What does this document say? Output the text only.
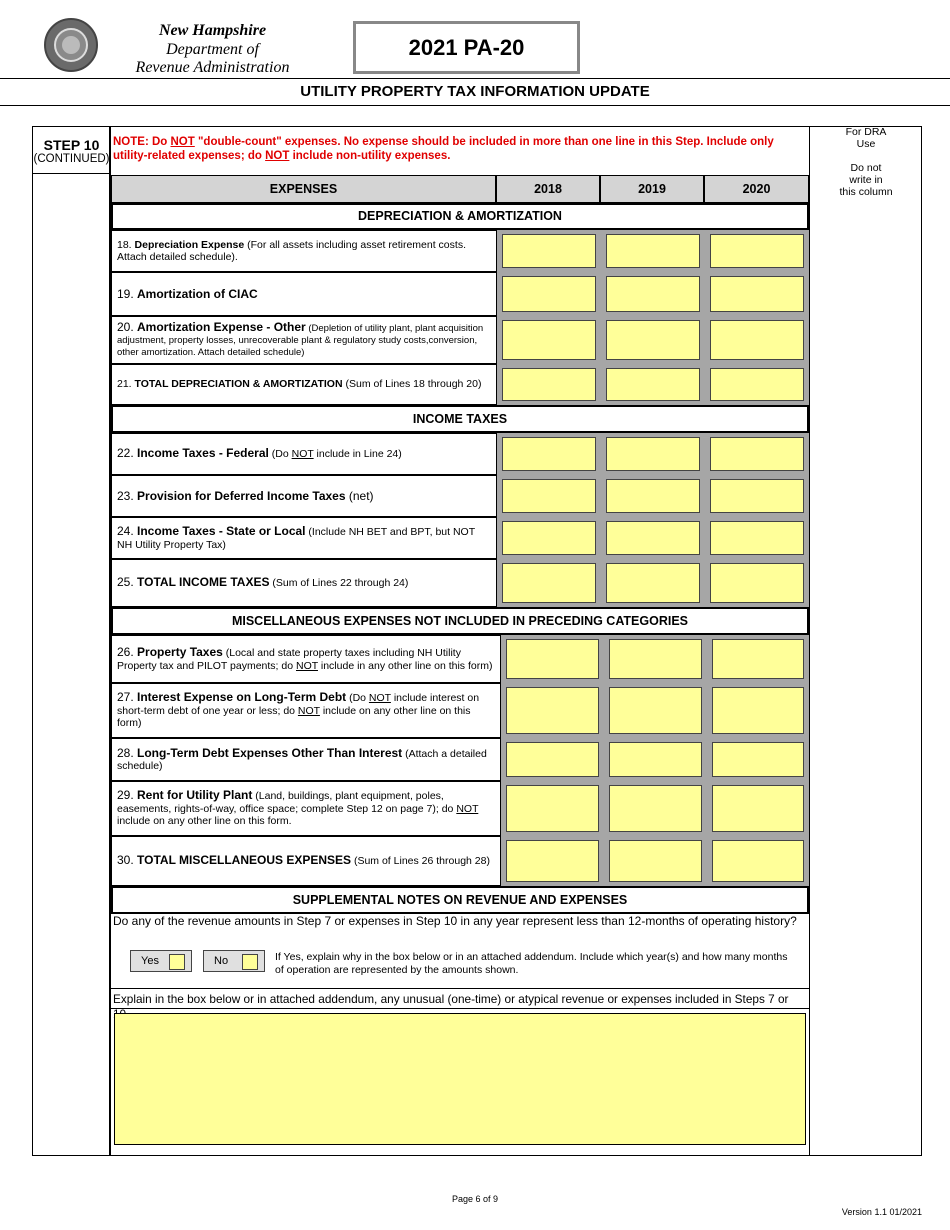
New Hampshire
Department of
Revenue Administration
2021 PA-20
UTILITY PROPERTY TAX INFORMATION UPDATE
STEP 10
(CONTINUED)
NOTE: Do NOT "double-count" expenses. No expense should be included in more than one line in this Step. Include only utility-related expenses; do NOT include non-utility expenses.
For DRA
Use
Do not
write in
this column
EXPENSES	2018	2019	2020
DEPRECIATION & AMORTIZATION
18. Depreciation Expense (For all assets including asset retirement costs. Attach detailed schedule).
19. Amortization of CIAC
20. Amortization Expense - Other (Depletion of utility plant, plant acquisition adjustment, property losses, unrecoverable plant & regulatory study costs,conversion, other amortization. Attach detailed schedule)
21. TOTAL DEPRECIATION & AMORTIZATION (Sum of Lines 18 through 20)
INCOME TAXES
22. Income Taxes - Federal (Do NOT include in Line 24)
23. Provision for Deferred Income Taxes (net)
24. Income Taxes - State or Local (Include NH BET and BPT, but NOT NH Utility Property Tax)
25. TOTAL INCOME TAXES (Sum of Lines 22 through 24)
MISCELLANEOUS EXPENSES NOT INCLUDED IN PRECEDING CATEGORIES
26. Property Taxes (Local and state property taxes including NH Utility Property tax and PILOT payments; do NOT include in any other line on this form)
27. Interest Expense on Long-Term Debt (Do NOT include interest on short-term debt of one year or less; do NOT include on any other line on this form)
28. Long-Term Debt Expenses Other Than Interest (Attach a detailed schedule)
29. Rent for Utility Plant (Land, buildings, plant equipment, poles, easements, rights-of-way, office space; complete Step 12 on page 7); do NOT include on any other line on this form.
30. TOTAL MISCELLANEOUS EXPENSES (Sum of Lines 26 through 28)
SUPPLEMENTAL NOTES ON REVENUE AND EXPENSES
Do any of the revenue amounts in Step 7 or expenses in Step 10 in any year represent less than 12-months of operating history?
Yes	No	If Yes, explain why in the box below or in an attached addendum. Include which year(s) and how many months of operation are represented by the amounts shown.
Explain in the box below or in attached addendum, any unusual (one-time) or atypical revenue or expenses included in Steps 7 or
Page 6 of 9
Version 1.1 01/2021
